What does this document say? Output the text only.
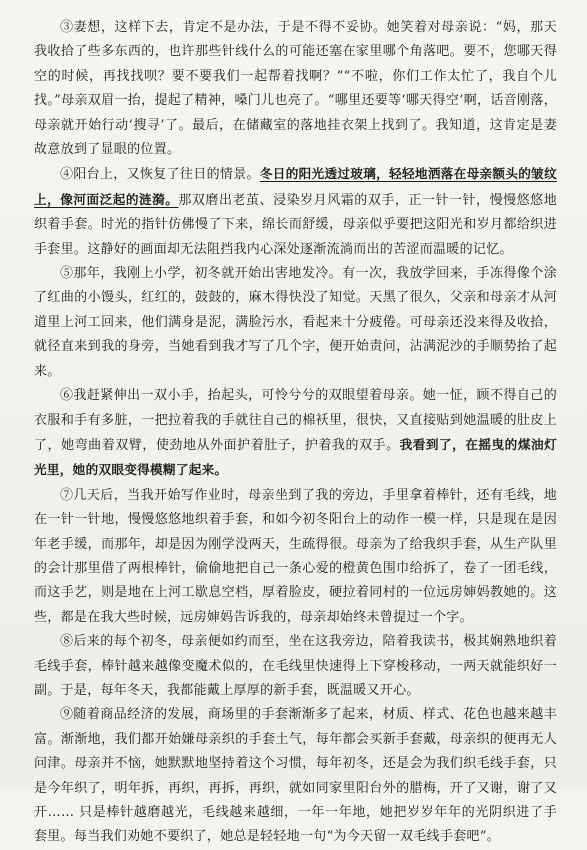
③妻想，这样下去，肯定不是办法，于是不得不妥协。她笑着对母亲说：“妈，那天我收拾了些多东西的，也许那些针线什么的可能还塞在家里哪个角落吧。要不，您哪天得空的时候，再找找呗？要不要我们一起帮着找啊？”“不啦，你们工作太忙了，我自个儿找。”母亲双眉一抬，提起了精神，嗓门儿也亮了。“哪里还要等‘哪天得空’啊，话音刚落，母亲就开始行动‘搜寻’了。最后，在储藏室的落地挂衣架上找到了。我知道，这肯定是妻故意放到了显眼的位置。

④阳台上，又恢复了往日的情景。冬日的阳光透过玻璃，轻轻地洒落在母亲额头的皱纹上，像河面泛起的涟漪。那双磨出老茧、浸染岁月风霜的双手，正一针一针，慢慢悠悠地织着手套。时光的指针仿佛慢了下来，绵长而舒缓，母亲似乎要把这阳光和岁月都给织进手套里。这静好的画面却无法阻挡我内心深处逐渐流淌而出的苦涩而温暖的记忆。

⑤那年，我刚上小学，初冬就开始出害地发冷。有一次，我放学回来，手冻得像个涂了红曲的小馒头，红红的，鼓鼓的，麻木得快没了知觉。天黑了很久，父亲和母亲才从河道里上河工回来，他们满身是泥，满脸污水，看起来十分疲倦。可母亲还没来得及收拾，就径直来到我的身旁，当她看到我才写了几个字，便开始责问，沾满泥沙的手顺势抬了起来。

⑥我赶紧伸出一双小手，抬起头，可怜兮兮的双眼望着母亲。她一怔，顾不得自己的衣服和手有多脏，一把拉着我的手就往自己的棉袄里，很快，又直接贴到她温暖的肚皮上了，她弯曲着双臂，使劲地从外面护着肚子，护着我的双手。我看到了，在摇曳的煤油灯光里，她的双眼变得模糊了起来。

⑦几天后，当我开始写作业时，母亲坐到了我的旁边，手里拿着棒针，还有毛线，地在一针一针地，慢慢悠悠地织着手套，和如今初冬阳台上的动作一模一样，只是现在是因年老手缓，而那年，却是因为刚学没两天，生疏得很。母亲为了给我织手套，从生产队里的会计那里借了两根棒针，偷偷地把自己一条心爱的橙黄色围巾给拆了，卷了一团毛线，而这手艺，则是地在上河工歇息空档，厚着脸皮，硬拉着同村的一位远房婶妈教她的。这些，都是在我大些时候，远房婶妈告诉我的，母亲却始终未曾提过一个字。

⑧后来的每个初冬，母亲便如约而至，坐在这我旁边，陪着我读书，极其娴熟地织着毛线手套，棒针越来越像变魔术似的，在毛线里快速得上下穿梭移动，一两天就能织好一副。于是，每年冬天，我都能戴上厚厚的新手套，既温暖又开心。

⑨随着商品经济的发展，商场里的手套渐渐多了起来，材质、样式、花色也越来越丰富。渐渐地，我们都开始嫌母亲织的手套土气，每年都会买新手套戴，母亲织的便再无人问津。母亲并不恼，她默默地坚持着这个习惯，每年初冬，还是会为我们织毛线手套，只是今年织了，明年拆，再织，再拆，再织，就如同家里阳台外的腊梅，开了又谢，谢了又开…… 只是棒针越磨越光，毛线越来越细，一年一年地，她把岁岁年年的光阴织进了手套里。每当我们劝她不要织了，她总是轻轻地一句“为今天留一双毛线手套吧”。
